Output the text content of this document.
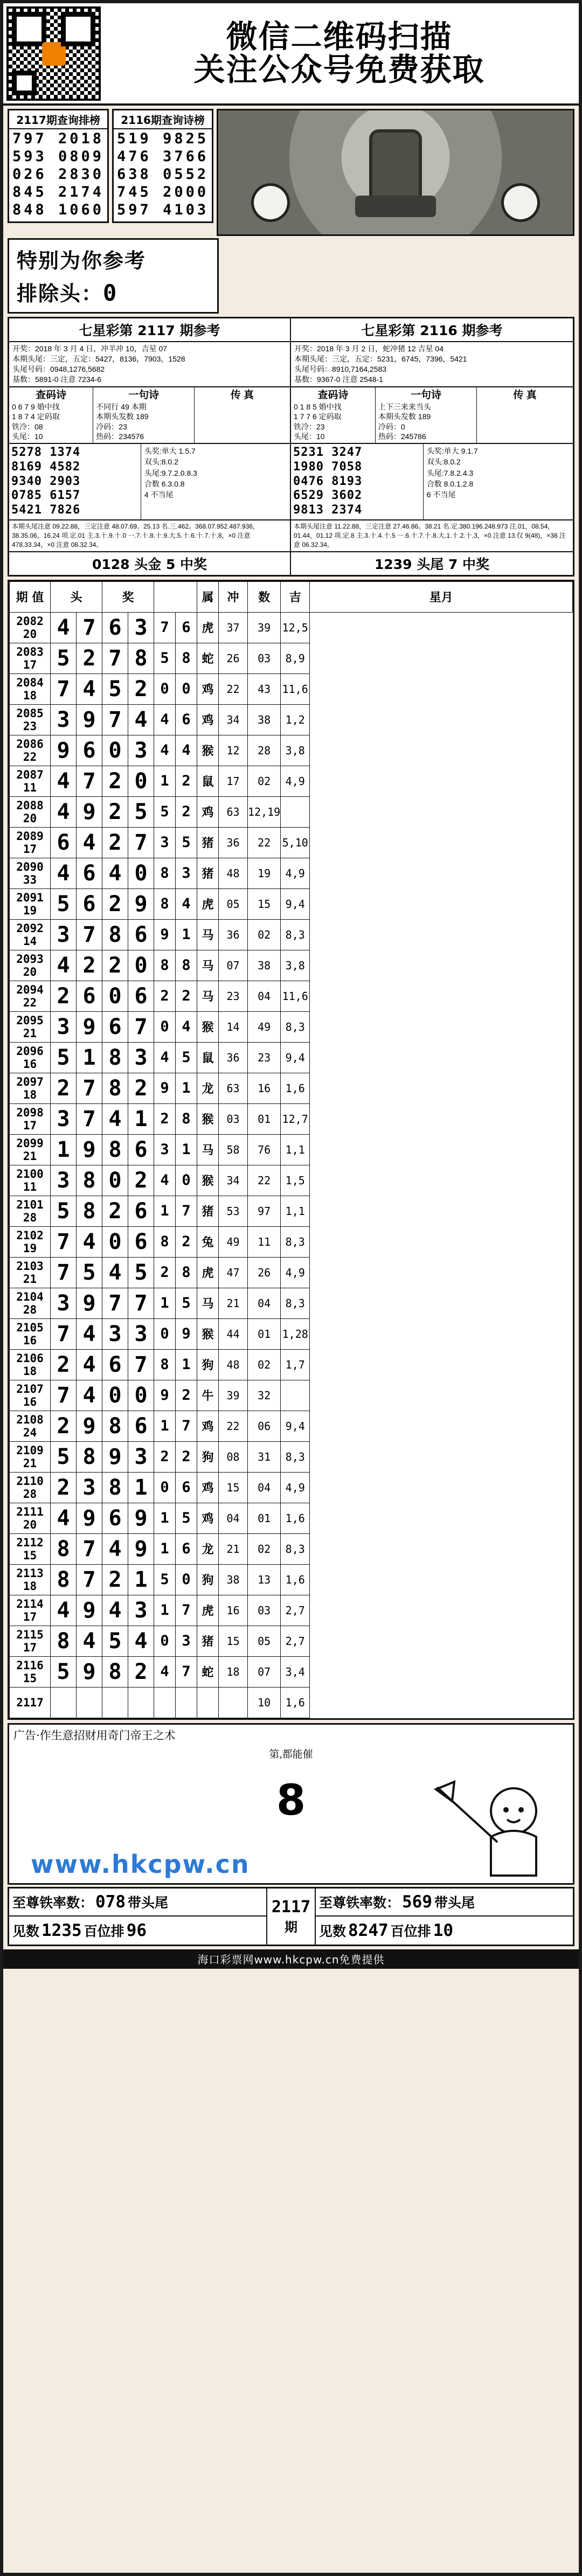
微信二维码扫描
关注公众号免费获取
2117期查询排榜
797 2018
593 0809
026 2830
845 2174
848 1060
2116期查询诗榜
519 9825
476 3766
638 0552
745 2000
597 4103
特别为你参考
排除头：0
七星彩第 2117 期参考
开奖：2018 年 3 月 4 日，冲羊冲 10，吉星 07
本期头尾：三定，五定：5427，8136，7903，1528
头尾号码：0948,1276,5682
基数：5891-0 注意 7234-6
查码诗
0 6 7 9 婚中找
1 8 7 4 定码取
铁冷：08
头尾：10
一句诗
不同行 49 本期
本期头发数 189
冷码：23
热码：234576
传 真
5278 1374
8169 4582
9340 2903
0785 6157
5421 7826
头奖:单大 1.5.7
双头:8.0.2
头尾:9.7.2.0.8.3
合数 6.3.0.8
4 不当尾
本期头尾注意 09.22.88，三定注意 48.07.69。25.13 名.三.462。368.07.952.487.936，38.35.06，16.24 项.定.01 主.3.十.9.十.0 一.7.十.8.十.9.大.5.十.6.十.7.十.8，×0 注意 478.33.34，×0 注意 08.32.34。
0128 头金 5 中奖
七星彩第 2116 期参考
开奖：2018 年 3 月 2 日，蛇冲猪 12 吉星 04
本期头尾：三定，五定：5231，6745，7396，5421
头尾号码：8910,7164,2583
基数：9367-0 注意 2548-1
查码诗
0 1 8 5 婚中找
1 7 7 6 定码取
铁冷：23
头尾：10
一句诗
上下三来来当头
本期头发数 189
冷码：0
热码：245786
传 真
5231 3247
1980 7058
0476 8193
6529 3602
9813 2374
头奖:单大 9.1.7
双头:8.0.2
头尾:7.8.2.4.3
合数 8.0.1.2.8
6 不当尾
本期头尾注意 11.22.88，三定注意 27.46.86。38.21 名.定.380.196.248.973 注.01，08.54，01.44，01.12 项.定.8 主.3.十.4.十.5 一.6.十.7.十.8.大.1.十.2.十.3，×0 注意 13.仅 9(48)，×38 注意 06.32.34。
1239 头尾 7 中奖
期 值	头		奖				属	冲	数	吉	星月
2082 20	4	7	6	3	7	6	虎	37	39	12,5	
2083 17	5	2	7	8	5	8	蛇	26	03	8,9	
2084 18	7	4	5	2	0	0	鸡	22	43	11,6	
2085 23	3	9	7	4	4	6	鸡	34	38	1,2	
2086 22	9	6	0	3	4	4	猴	12	28	3,8	
2087 11	4	7	2	0	1	2	鼠	17	02	4,9	
2088 20	4	9	2	5	5	2	鸡	63	12,19		
2089 17	6	4	2	7	3	5	猪	36	22	5,10	
2090 33	4	6	4	0	8	3	猪	48	19	4,9	
2091 19	5	6	2	9	8	4	虎	05	15	9,4	
2092 14	3	7	8	6	9	1	马	36	02	8,3	
2093 20	4	2	2	0	8	8	马	07	38	3,8	
2094 22	2	6	0	6	2	2	马	23	04	11,6	
2095 21	3	9	6	7	0	4	猴	14	49	8,3	
2096 16	5	1	8	3	4	5	鼠	36	23	9,4	
2097 18	2	7	8	2	9	1	龙	63	16	1,6	
2098 17	3	7	4	1	2	8	猴	03	01	12,7	
2099 21	1	9	8	6	3	1	马	58	76	1,1	
2100 11	3	8	0	2	4	0	猴	34	22	1,5	
2101 28	5	8	2	6	1	7	猪	53	97	1,1	
2102 19	7	4	0	6	8	2	兔	49	11	8,3	
2103 21	7	5	4	5	2	8	虎	47	26	4,9	
2104 28	3	9	7	7	1	5	马	21	04	8,3	
2105 16	7	4	3	3	0	9	猴	44	01	1,28	
2106 18	2	4	6	7	8	1	狗	48	02	1,7	
2107 16	7	4	0	0	9	2	牛	39	32		
2108 24	2	9	8	6	1	7	鸡	22	06	9,4	
2109 21	5	8	9	3	2	2	狗	08	31	8,3	
2110 28	2	3	8	1	0	6	鸡	15	04	4,9	
2111 20	4	9	6	9	1	5	鸡	04	01	1,6	
2112 15	8	7	4	9	1	6	龙	21	02	8,3	
2113 18	8	7	2	1	5	0	狗	38	13	1,6	
2114 17	4	9	4	3	1	7	虎	16	03	2,7	
2115 17	8	4	5	4	0	3	猪	15	05	2,7	
2116 15	5	9	8	2	4	7	蛇	18	07	3,4	
2117									10	1,6	
广告·作生意招财用奇门帝王之术
第,都能催
8
www.hkcpw.cn
至尊铁率数： 078 带头尾
见数 1235 百位排 96
2117
期
至尊铁率数： 569 带头尾
见数 8247 百位排 10
海口彩票网www.hkcpw.cn免费提供
